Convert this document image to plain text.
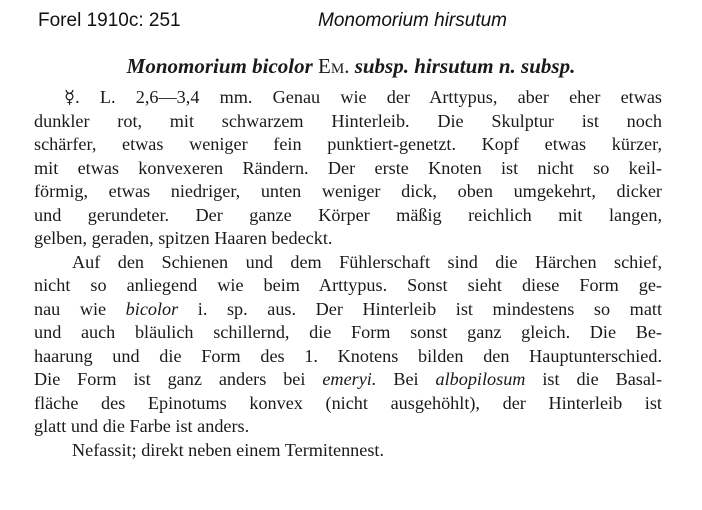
Forel 1910c: 251	Monomorium hirsutum
Monomorium bicolor Em. subsp. hirsutum n. subsp.
☿. L. 2,6—3,4 mm. Genau wie der Arttypus, aber eher etwas
dunkler rot, mit schwarzem Hinterleib. Die Skulptur ist noch
schärfer, etwas weniger fein punktiert-genetzt. Kopf etwas kürzer,
mit etwas konvexeren Rändern. Der erste Knoten ist nicht so keil-
förmig, etwas niedriger, unten weniger dick, oben umgekehrt, dicker
und gerundeter. Der ganze Körper mäßig reichlich mit langen,
gelben, geraden, spitzen Haaren bedeckt.
Auf den Schienen und dem Fühlerschaft sind die Härchen schief,
nicht so anliegend wie beim Arttypus. Sonst sieht diese Form ge-
nau wie bicolor i. sp. aus. Der Hinterleib ist mindestens so matt
und auch bläulich schillernd, die Form sonst ganz gleich. Die Be-
haarung und die Form des 1. Knotens bilden den Hauptunterschied.
Die Form ist ganz anders bei emeryi. Bei albopilosum ist die Basal-
fläche des Epinotums konvex (nicht ausgehöhlt), der Hinterleib ist
glatt und die Farbe ist anders.
Nefassit; direkt neben einem Termitennest.
